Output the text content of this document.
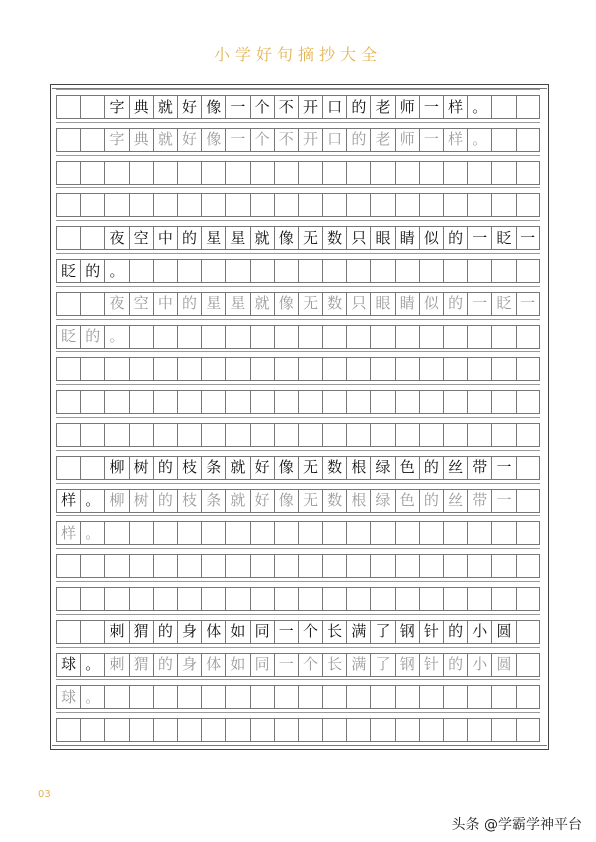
小学好句摘抄大全
字 典 就 好 像 一 个 不 开 口 的 老 师 一 样 。
字 典 就 好 像 一 个 不 开 口 的 老 师 一 样 。
夜 空 中 的 星 星 就 像 无 数 只 眼 睛 似 的 一 眨 一
眨 的 。
夜 空 中 的 星 星 就 像 无 数 只 眼 睛 似 的 一 眨 一
眨 的 。
柳 树 的 枝 条 就 好 像 无 数 根 绿 色 的 丝 带 一
样 。 柳 树 的 枝 条 就 好 像 无 数 根 绿 色 的 丝 带 一
样 。
刺 猬 的 身 体 如 同 一 个 长 满 了 钢 针 的 小 圆
球 。 刺 猬 的 身 体 如 同 一 个 长 满 了 钢 针 的 小 圆
球 。
03
头条 @学霸学神平台
